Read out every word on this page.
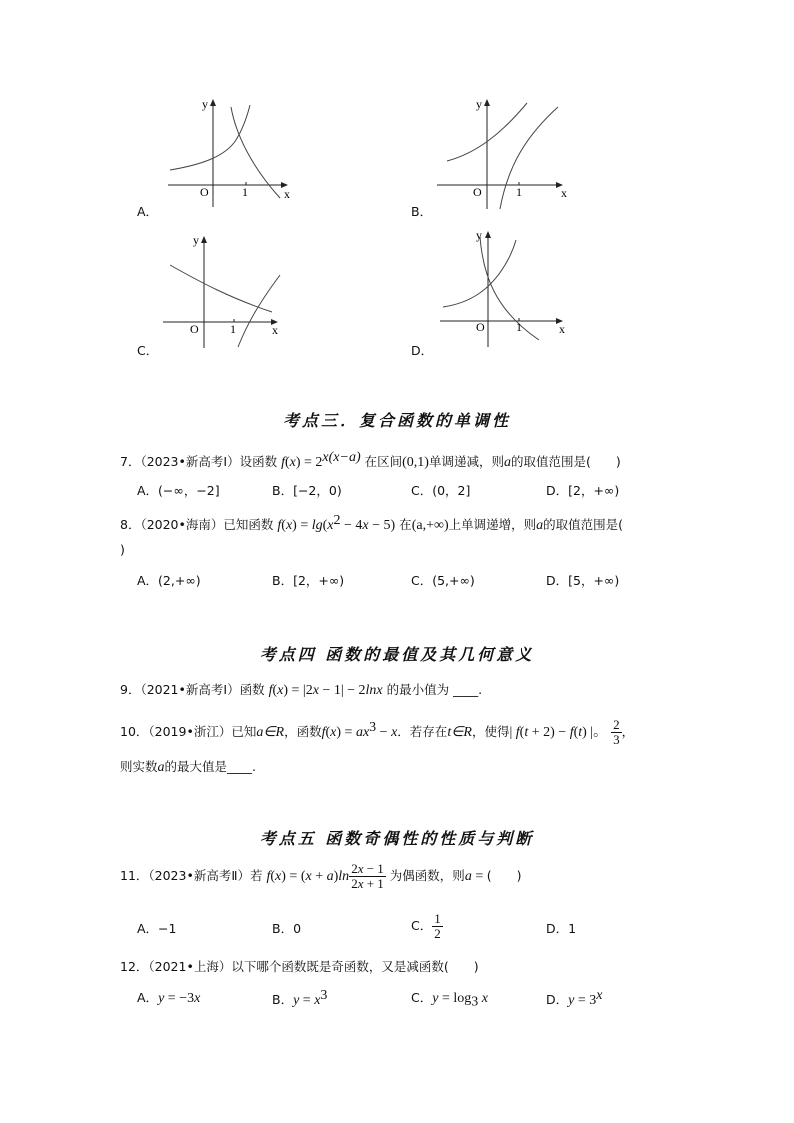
y
x
O	1
A．
y
x
O	1
B．
y
x
O	1
C．
y
x
O	1
D．
考点三．复合函数的单调性
7．（2023•新高考Ⅰ）设函数 $f(x) = 2^{x(x-a)}$ 在区间(0,1)单调递减，则a的取值范围是(　　)
A．(−∞，−2]	B．[−2，0)	C．(0，2]	D．[2，+∞)
8．（2020•海南）已知函数 $f(x) = \lg(x^2 - 4x - 5)$ 在(a,+∞)上单调递增，则a的取值范围是(
)
A．(2,+∞)	B．[2，+∞)	C．(5,+∞)	D．[5，+∞)
考点四 函数的最值及其几何意义
9．（2021•新高考Ⅰ）函数 f(x) = |2x − 1| − 2lnx 的最小值为 ____.
10．（2019•浙江）已知a∈R，函数$f(x) = ax^3 - x$．若存在t∈R，使得| f(t + 2) − f(t) |。 $\frac{2}{3}$ ，
则实数a的最大值是____.
考点五 函数奇偶性的性质与判断
11．（2023•新高考Ⅱ）若 $f(x) = (x + a)\ln \frac{2x - 1}{2x + 1}$ 为偶函数，则a = (　　)
A．−1	B．0	C． $\frac{1}{2}$	D．1
12．（2021•上海）以下哪个函数既是奇函数，又是减函数(　　)
A．y = −3x	B．$y = x^3$	C．$y = \log_3 x$	D．$y = 3^x$
